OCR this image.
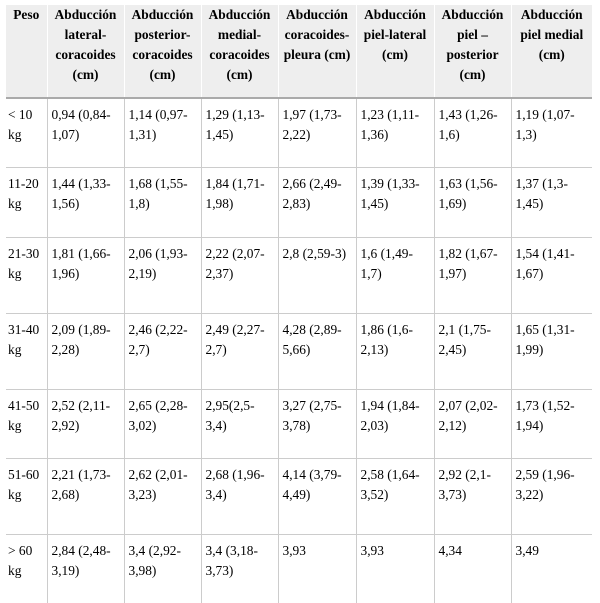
Peso	Abducción lateral-coracoides (cm)	Abducción posterior-coracoides (cm)	Abducción medial-coracoides (cm)	Abducción coracoides-pleura (cm)	Abducción piel-lateral (cm)	Abducción piel – posterior (cm)	Abducción piel medial (cm)
< 10 kg	0,94 (0,84-1,07)	1,14 (0,97-1,31)	1,29 (1,13-1,45)	1,97 (1,73-2,22)	1,23 (1,11-1,36)	1,43 (1,26-1,6)	1,19 (1,07-1,3)
11-20 kg	1,44 (1,33-1,56)	1,68 (1,55-1,8)	1,84 (1,71-1,98)	2,66 (2,49-2,83)	1,39 (1,33-1,45)	1,63 (1,56-1,69)	1,37 (1,3-1,45)
21-30 kg	1,81 (1,66-1,96)	2,06 (1,93-2,19)	2,22 (2,07-2,37)	2,8 (2,59-3)	1,6 (1,49-1,7)	1,82 (1,67-1,97)	1,54 (1,41-1,67)
31-40 kg	2,09 (1,89-2,28)	2,46 (2,22-2,7)	2,49 (2,27-2,7)	4,28 (2,89-5,66)	1,86 (1,6-2,13)	2,1 (1,75-2,45)	1,65 (1,31-1,99)
41-50 kg	2,52 (2,11-2,92)	2,65 (2,28-3,02)	2,95(2,5-3,4)	3,27 (2,75-3,78)	1,94 (1,84-2,03)	2,07 (2,02-2,12)	1,73 (1,52-1,94)
51-60 kg	2,21 (1,73-2,68)	2,62 (2,01-3,23)	2,68 (1,96-3,4)	4,14 (3,79-4,49)	2,58 (1,64-3,52)	2,92 (2,1-3,73)	2,59 (1,96-3,22)
> 60 kg	2,84 (2,48-3,19)	3,4 (2,92-3,98)	3,4 (3,18-3,73)	3,93	3,93	4,34	3,49
